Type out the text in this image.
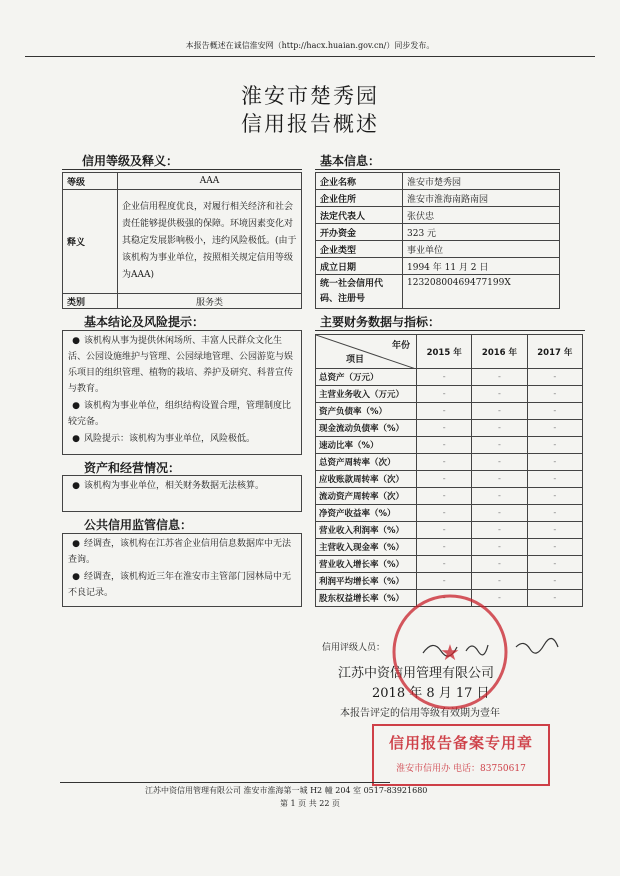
本报告概述在诚信淮安网（http://hacx.huaian.gov.cn/）同步发布。
淮安市楚秀园
信用报告概述
信用等级及释义：
等级	AAA
释义	企业信用程度优良，对履行相关经济和社会责任能够提供极强的保障。环境因素变化对其稳定发展影响极小，违约风险极低。(由于该机构为事业单位，按照相关规定信用等级为AAA)
类别	服务类
基本信息：
企业名称	淮安市楚秀园
企业住所	淮安市淮海南路南园
法定代表人	张伏忠
开办资金	323 元
企业类型	事业单位
成立日期	1994 年 11 月 2 日
统一社会信用代码、注册号	12320800469477199X
基本结论及风险提示：

● 该机构从事为提供休闲场所、丰富人民群众文化生活、公园设施维护与管理、公园绿地管理、公园游览与娱乐项目的组织管理、植物的栽培、养护及研究、科普宣传与教育。

● 该机构为事业单位，组织结构设置合理，管理制度比较完备。

● 风险提示：该机构为事业单位，风险极低。

资产和经营情况：

● 该机构为事业单位，相关财务数据无法核算。

公共信用监管信息：

● 经调查，该机构在江苏省企业信用信息数据库中无法查询。

● 经调查，该机构近三年在淮安市主管部门园林局中无不良记录。

主要财务数据与指标：
年份
项目	2015 年	2016 年	2017 年
总资产（万元）	-	-	-
主营业务收入（万元）	-	-	-
资产负债率（%）	-	-	-
现金流动负债率（%）	-	-	-
速动比率（%）	-	-	-
总资产周转率（次）	-	-	-
应收账款周转率（次）	-	-	-
流动资产周转率（次）	-	-	-
净资产收益率（%）	-	-	-
营业收入利润率（%）	-	-	-
主营收入现金率（%）	-	-	-
营业收入增长率（%）	-	-	-
利润平均增长率（%）	-	-	-
股东权益增长率（%）	-	-	-
信用评级人员：
江苏中资信用管理有限公司
2018 年 8 月 17 日
本报告评定的信用等级有效期为壹年
★
信用报告备案专用章
淮安市信用办 电话：83750617
江苏中资信用管理有限公司 淮安市淮海第一城 H2 幢 204 室 0517-83921680
第 1 页 共 22 页
